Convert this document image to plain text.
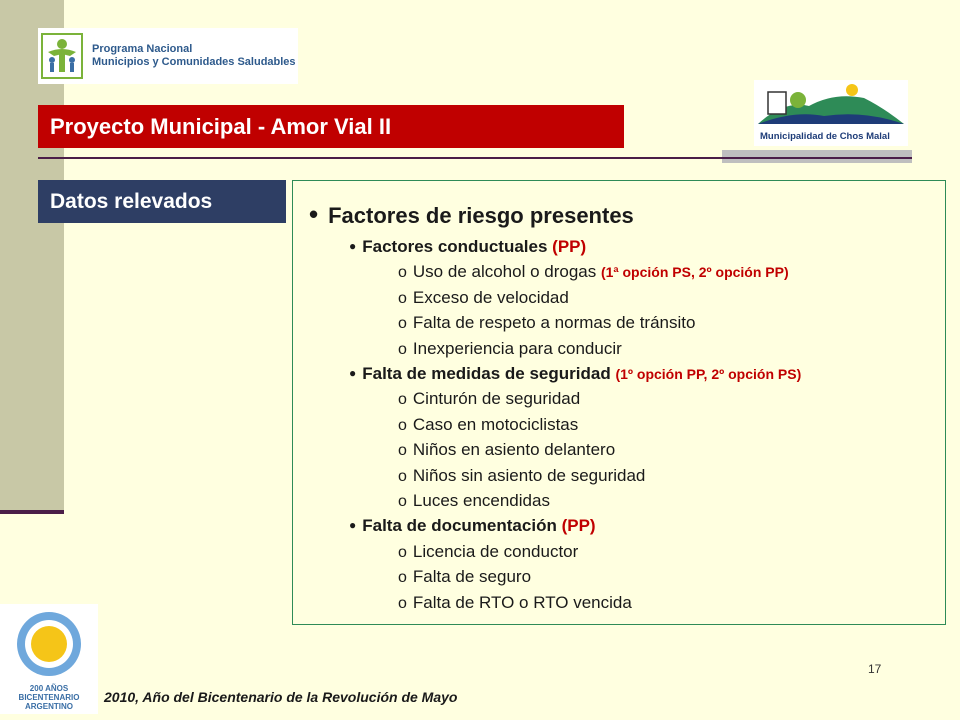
Programa Nacional
Municipios y Comunidades Saludables
Municipalidad de Chos Malal
Proyecto Municipal - Amor Vial II
Datos relevados	• Factores de riesgo presentes
● Factores conductuales (PP)
o Uso de alcohol o drogas (1ª opción PS, 2º opción PP)
o Exceso de velocidad
o Falta de respeto a normas de tránsito
o Inexperiencia para conducir
● Falta de medidas de seguridad (1º opción PP, 2º opción PS)
o Cinturón de seguridad
o Caso en motociclistas
o Niños en asiento delantero
o Niños sin asiento de seguridad
o Luces encendidas
● Falta de documentación (PP)
o Licencia de conductor
o Falta de seguro
o Falta de RTO o RTO vencida
200 AÑOS
BICENTENARIO
ARGENTINO
17
2010, Año del Bicentenario de la Revolución de Mayo
